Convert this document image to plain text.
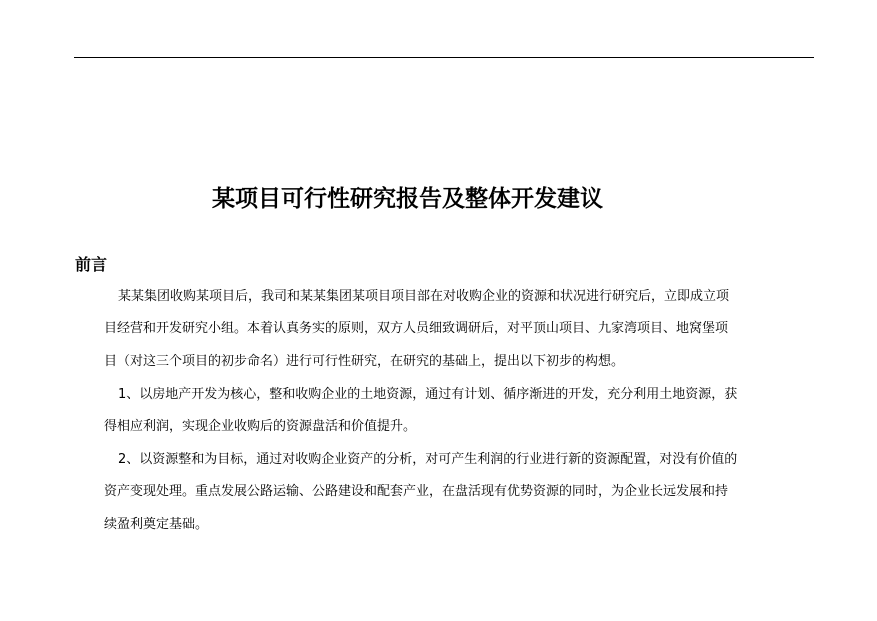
某项目可行性研究报告及整体开发建议
前言

某某集团收购某项目后，我司和某某集团某项目项目部在对收购企业的资源和状况进行研究后，立即成立项

目经营和开发研究小组。本着认真务实的原则，双方人员细致调研后，对平顶山项目、九家湾项目、地窝堡项

目（对这三个项目的初步命名）进行可行性研究，在研究的基础上，提出以下初步的构想。

1、以房地产开发为核心，整和收购企业的土地资源，通过有计划、循序渐进的开发，充分利用土地资源，获

得相应利润，实现企业收购后的资源盘活和价值提升。

2、以资源整和为目标，通过对收购企业资产的分析，对可产生利润的行业进行新的资源配置，对没有价值的

资产变现处理。重点发展公路运输、公路建设和配套产业，在盘活现有优势资源的同时，为企业长远发展和持

续盈利奠定基础。
